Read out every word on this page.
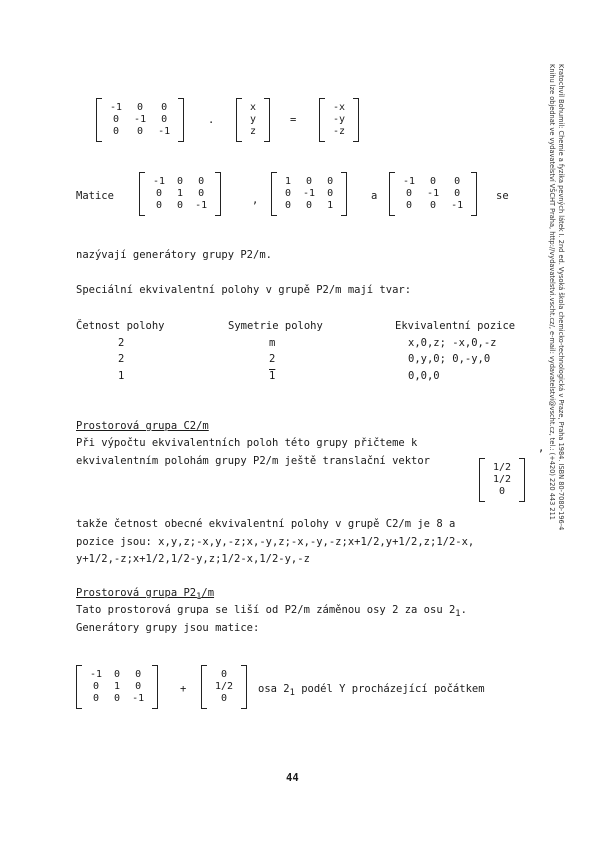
Kratochvíl Bohumil: Chemie a fyzika pevných látek I. 2nd ed. Vysoká škola chemicko-technologická v Praze, Praha 1984. ISBN 80-7080-196-4
Knihu lze objednat ve vydavatelství VŠCHT Praha, http://vydavatelstvi.vscht.cz/, e-mail: vydavatelstvi@vscht.cz, tel.: (+420) 220 443 211
-1	0	0
0	-1	0
0	0	-1
.
x
y
z
=
-x
-y
-z
Matice
-1	0	0
0	1	0
0	0	-1	,
1	0	0
0	-1	0
0	0	1
a
-1	0	0
0	-1	0
0	0	-1
se
nazývají generátory grupy P2/m.
Speciální ekvivalentní polohy v grupě P2/m mají tvar:
Četnost polohy	Symetrie polohy	Ekvivalentní pozice
2	m	x,0,z; -x,0,-z
2	2	0,y,0; 0,-y,0
1	1	0,0,0
Prostorová grupa C2/m
Při výpočtu ekvivalentních poloh této grupy přičteme k
ekvivalentním polohám grupy P2/m ještě translační vektor
1/2
1/2
0
,
takže četnost obecné ekvivalentní polohy v grupě C2/m je 8 a
pozice jsou: x,y,z;-x,y,-z;x,-y,z;-x,-y,-z;x+1/2,y+1/2,z;1/2-x,
y+1/2,-z;x+1/2,1/2-y,z;1/2-x,1/2-y,-z
Prostorová grupa $P2_1/m$
Tato prostorová grupa se liší od P2/m záměnou osy 2 za osu $2_1$.
Generátory grupy jsou matice:
-1	0	0
0	1	0
0	0	-1
+
0
1/2
0
osa $2_1$ podél Y procházející počátkem
44
